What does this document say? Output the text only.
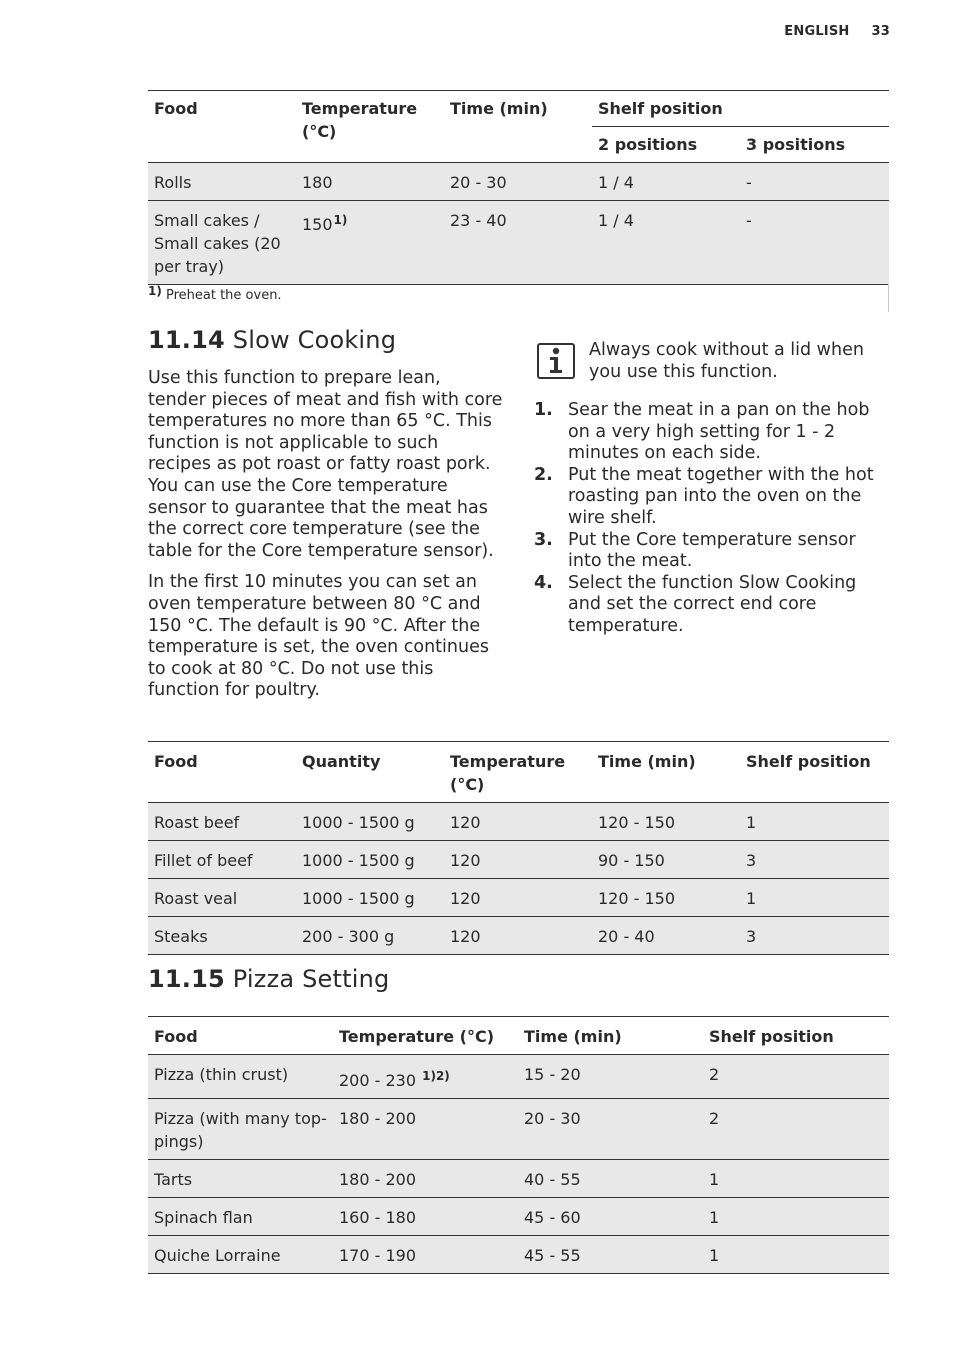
ENGLISH 33
Food	Temperature (°C)	Time (min)	Shelf position	
			2 positions	3 positions
Rolls	180	20 - 30	1 / 4	-
Small cakes / Small cakes (20 per tray)	150$^{1)}$	23 - 40	1 / 4	-
1) Preheat the oven.
11.14 Slow Cooking

Use this function to prepare lean, tender pieces of meat and fish with core temperatures no more than 65 °C. This function is not applicable to such recipes as pot roast or fatty roast pork. You can use the Core temperature sensor to guarantee that the meat has the correct core temperature (see the table for the Core temperature sensor).

In the first 10 minutes you can set an oven temperature between 80 °C and 150 °C. The default is 90 °C. After the temperature is set, the oven continues to cook at 80 °C. Do not use this function for poultry.

Always cook without a lid when you use this function.
1. Sear the meat in a pan on the hob on a very high setting for 1 - 2 minutes on each side.
2. Put the meat together with the hot roasting pan into the oven on the wire shelf.
3. Put the Core temperature sensor into the meat.
4. Select the function Slow Cooking and set the correct end core temperature.
Food	Quantity	Temperature (°C)	Time (min)	Shelf position
Roast beef	1000 - 1500 g	120	120 - 150	1
Fillet of beef	1000 - 1500 g	120	90 - 150	3
Roast veal	1000 - 1500 g	120	120 - 150	1
Steaks	200 - 300 g	120	20 - 40	3
11.15 Pizza Setting
Food	Temperature (°C)	Time (min)	Shelf position
Pizza (thin crust)	200 - 230 $^{1)2)}$	15 - 20	2
Pizza (with many top-pings)	180 - 200	20 - 30	2
Tarts	180 - 200	40 - 55	1
Spinach flan	160 - 180	45 - 60	1
Quiche Lorraine	170 - 190	45 - 55	1
